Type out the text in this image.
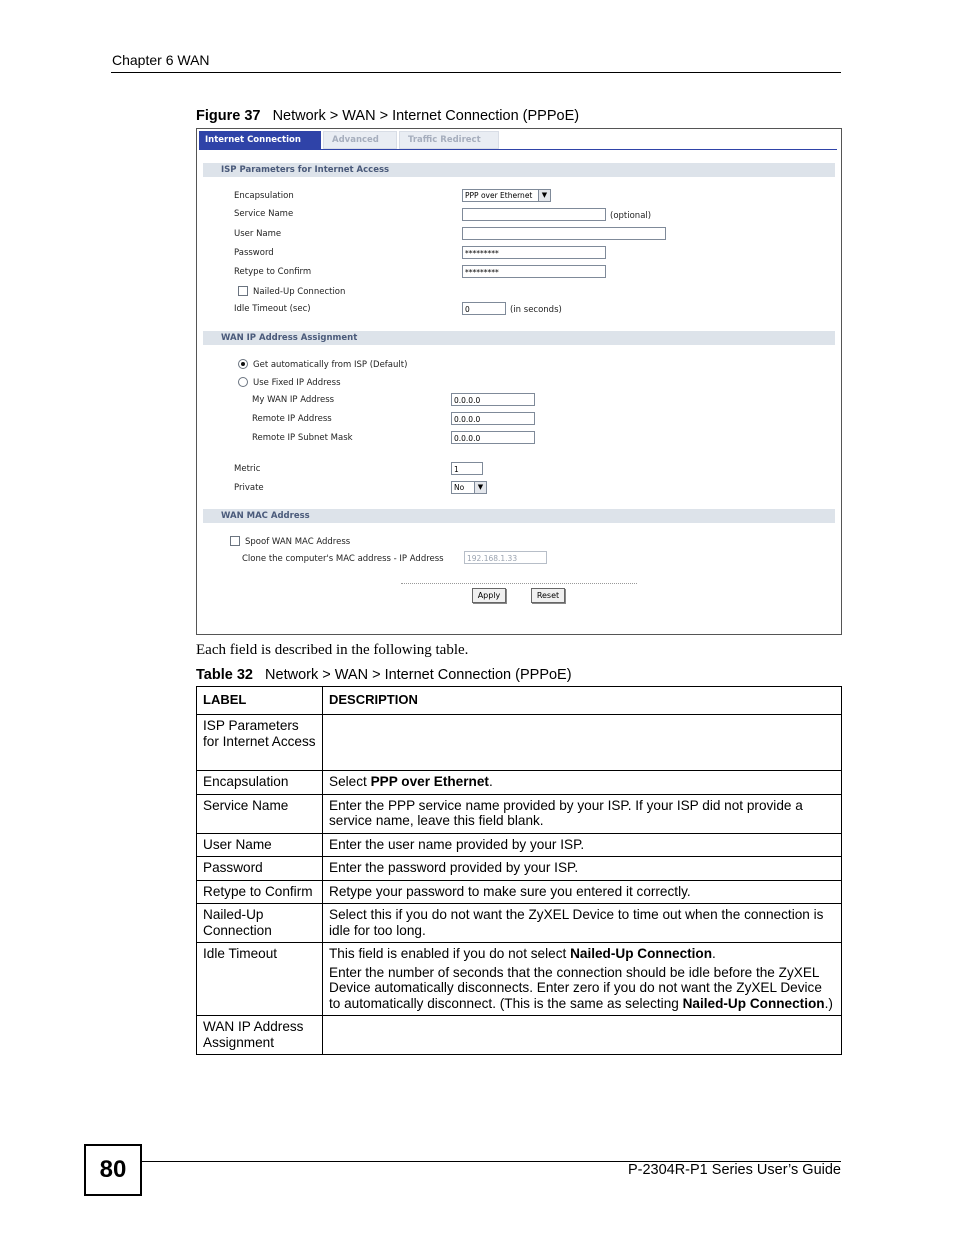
Chapter 6 WAN
Figure 37 Network > WAN > Internet Connection (PPPoE)
Internet Connection	Advanced	Traffic Redirect
ISP Parameters for Internet Access
Encapsulation	PPP over Ethernet	▼
Service Name	(optional)
User Name
Password	*********
Retype to Confirm	*********
Nailed-Up Connection
Idle Timeout (sec)	0	(in seconds)
WAN IP Address Assignment
Get automatically from ISP (Default)
Use Fixed IP Address
My WAN IP Address	0.0.0.0
Remote IP Address	0.0.0.0
Remote IP Subnet Mask	0.0.0.0
Metric	1
Private	No	▼
WAN MAC Address
Spoof WAN MAC Address
Clone the computer's MAC address - IP Address	192.168.1.33
Apply	Reset
Each field is described in the following table.
Table 32 Network > WAN > Internet Connection (PPPoE)
LABEL	DESCRIPTION
ISP Parameters for Internet Access	
Encapsulation	Select PPP over Ethernet.
Service Name	Enter the PPP service name provided by your ISP. If your ISP did not provide a service name, leave this field blank.
User Name	Enter the user name provided by your ISP.
Password	Enter the password provided by your ISP.
Retype to Confirm	Retype your password to make sure you entered it correctly.
Nailed-Up Connection	Select this if you do not want the ZyXEL Device to time out when the connection is idle for too long.
Idle Timeout	This field is enabled if you do not select Nailed-Up Connection.

Enter the number of seconds that the connection should be idle before the ZyXEL Device automatically disconnects. Enter zero if you do not want the ZyXEL Device to automatically disconnect. (This is the same as selecting Nailed-Up Connection.)

WAN IP Address Assignment	
80	P-2304R-P1 Series User’s Guide
